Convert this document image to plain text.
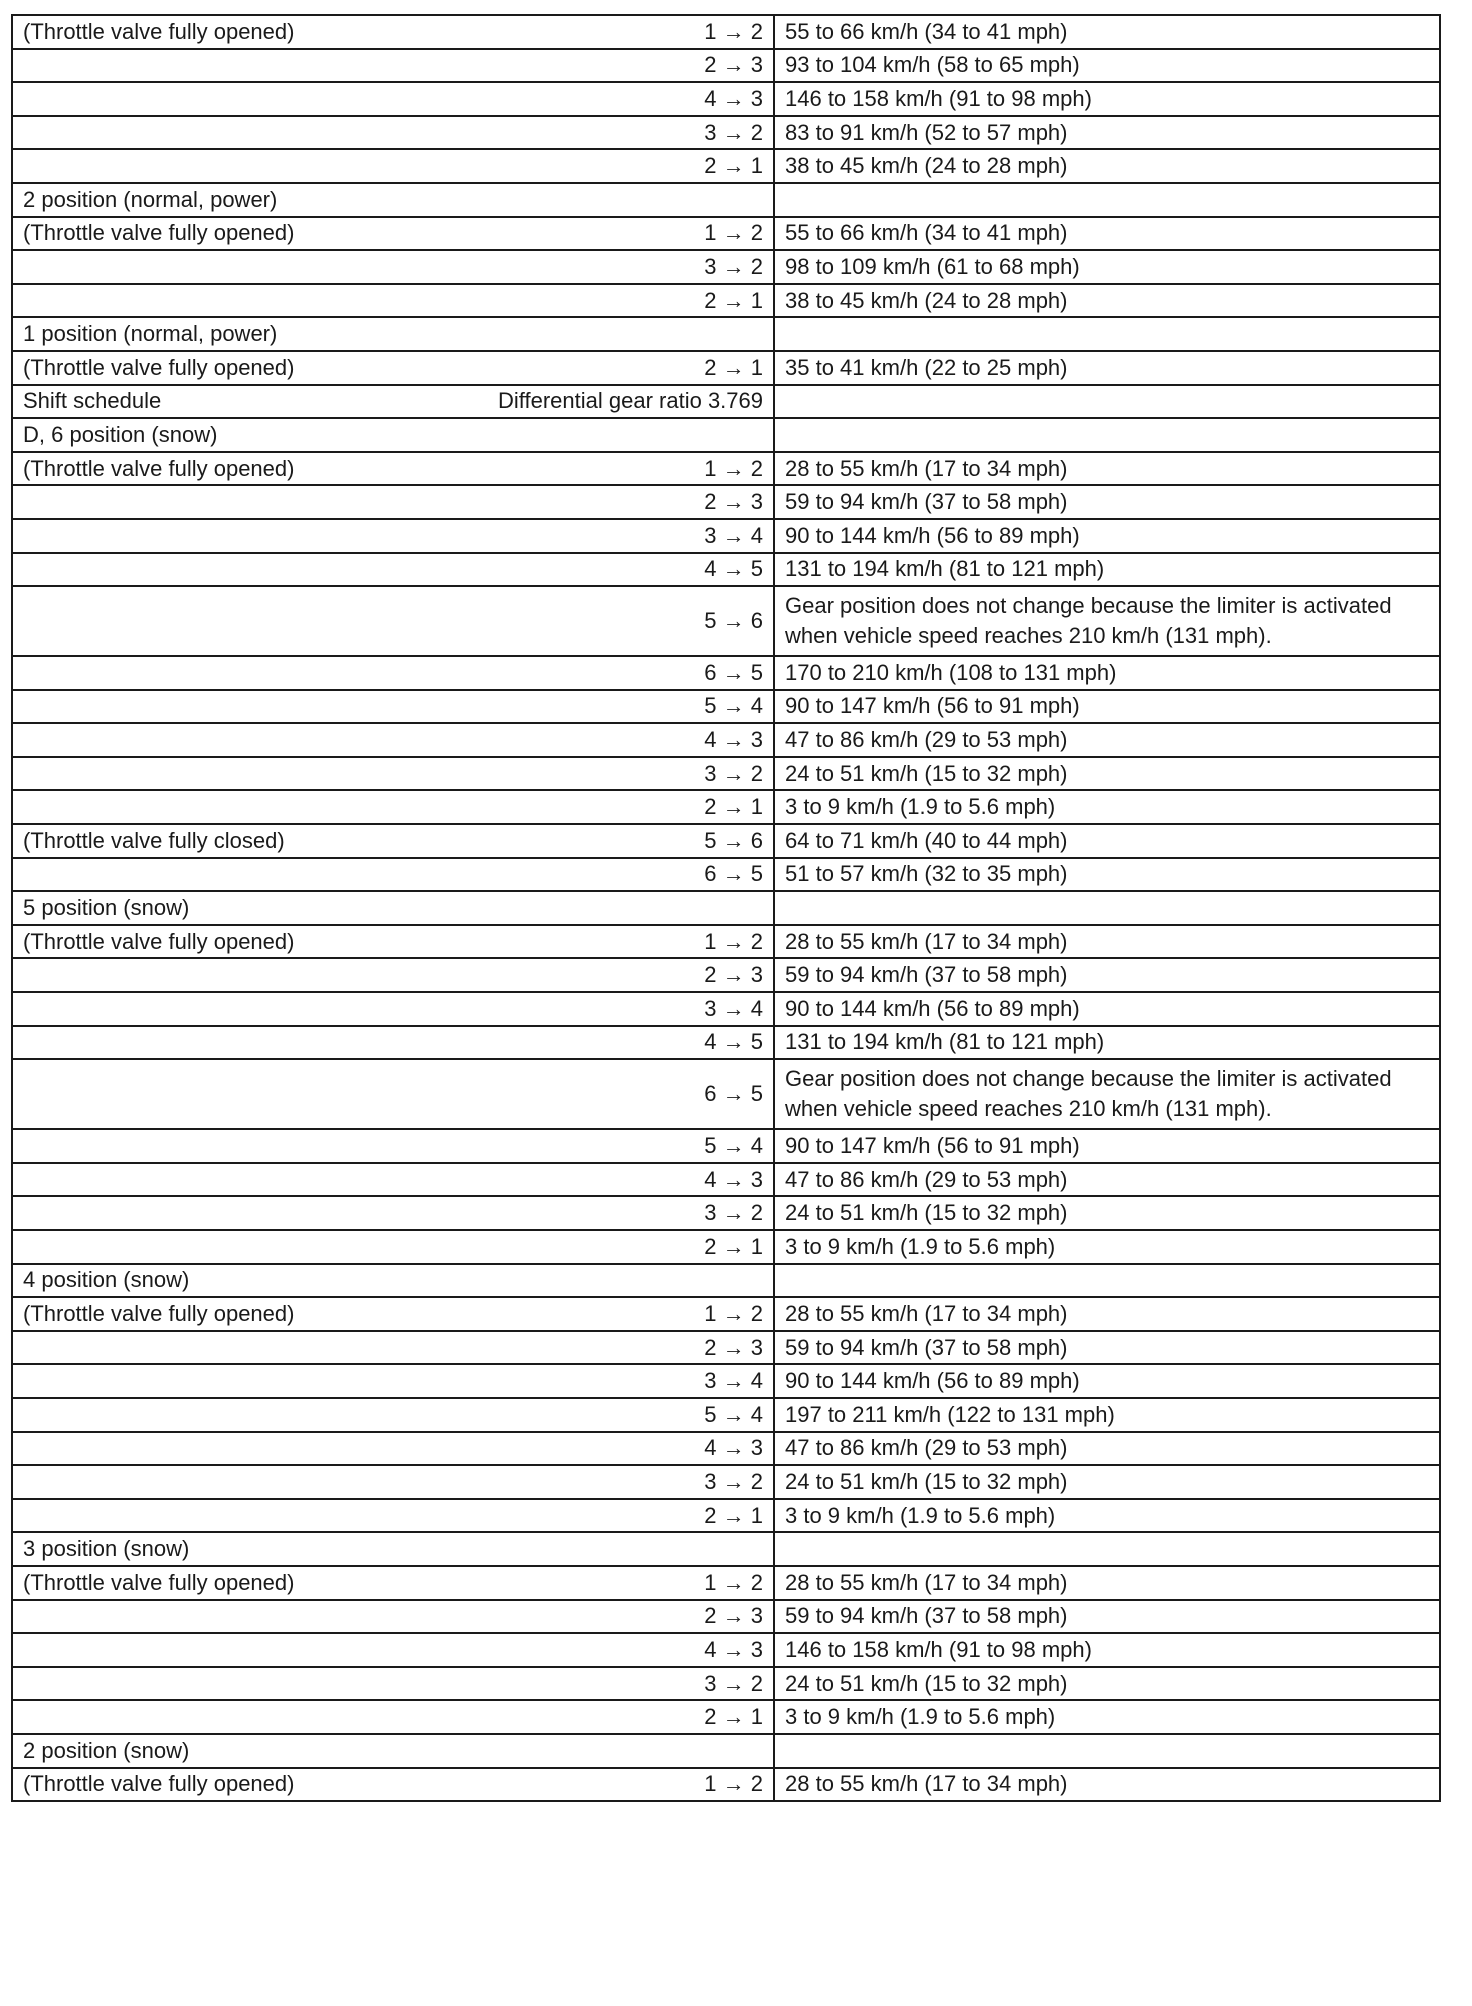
(Throttle valve fully opened)	1 → 2	55 to 66 km/h (34 to 41 mph)
	2 → 3	93 to 104 km/h (58 to 65 mph)
	4 → 3	146 to 158 km/h (91 to 98 mph)
	3 → 2	83 to 91 km/h (52 to 57 mph)
	2 → 1	38 to 45 km/h (24 to 28 mph)
2 position (normal, power)		
(Throttle valve fully opened)	1 → 2	55 to 66 km/h (34 to 41 mph)
	3 → 2	98 to 109 km/h (61 to 68 mph)
	2 → 1	38 to 45 km/h (24 to 28 mph)
1 position (normal, power)		
(Throttle valve fully opened)	2 → 1	35 to 41 km/h (22 to 25 mph)
Shift schedule	Differential gear ratio 3.769	
D, 6 position (snow)		
(Throttle valve fully opened)	1 → 2	28 to 55 km/h (17 to 34 mph)
	2 → 3	59 to 94 km/h (37 to 58 mph)
	3 → 4	90 to 144 km/h (56 to 89 mph)
	4 → 5	131 to 194 km/h (81 to 121 mph)
	5 → 6	Gear position does not change because the limiter is activated when vehicle speed reaches 210 km/h (131 mph).
	6 → 5	170 to 210 km/h (108 to 131 mph)
	5 → 4	90 to 147 km/h (56 to 91 mph)
	4 → 3	47 to 86 km/h (29 to 53 mph)
	3 → 2	24 to 51 km/h (15 to 32 mph)
	2 → 1	3 to 9 km/h (1.9 to 5.6 mph)
(Throttle valve fully closed)	5 → 6	64 to 71 km/h (40 to 44 mph)
	6 → 5	51 to 57 km/h (32 to 35 mph)
5 position (snow)		
(Throttle valve fully opened)	1 → 2	28 to 55 km/h (17 to 34 mph)
	2 → 3	59 to 94 km/h (37 to 58 mph)
	3 → 4	90 to 144 km/h (56 to 89 mph)
	4 → 5	131 to 194 km/h (81 to 121 mph)
	6 → 5	Gear position does not change because the limiter is activated when vehicle speed reaches 210 km/h (131 mph).
	5 → 4	90 to 147 km/h (56 to 91 mph)
	4 → 3	47 to 86 km/h (29 to 53 mph)
	3 → 2	24 to 51 km/h (15 to 32 mph)
	2 → 1	3 to 9 km/h (1.9 to 5.6 mph)
4 position (snow)		
(Throttle valve fully opened)	1 → 2	28 to 55 km/h (17 to 34 mph)
	2 → 3	59 to 94 km/h (37 to 58 mph)
	3 → 4	90 to 144 km/h (56 to 89 mph)
	5 → 4	197 to 211 km/h (122 to 131 mph)
	4 → 3	47 to 86 km/h (29 to 53 mph)
	3 → 2	24 to 51 km/h (15 to 32 mph)
	2 → 1	3 to 9 km/h (1.9 to 5.6 mph)
3 position (snow)		
(Throttle valve fully opened)	1 → 2	28 to 55 km/h (17 to 34 mph)
	2 → 3	59 to 94 km/h (37 to 58 mph)
	4 → 3	146 to 158 km/h (91 to 98 mph)
	3 → 2	24 to 51 km/h (15 to 32 mph)
	2 → 1	3 to 9 km/h (1.9 to 5.6 mph)
2 position (snow)		
(Throttle valve fully opened)	1 → 2	28 to 55 km/h (17 to 34 mph)
